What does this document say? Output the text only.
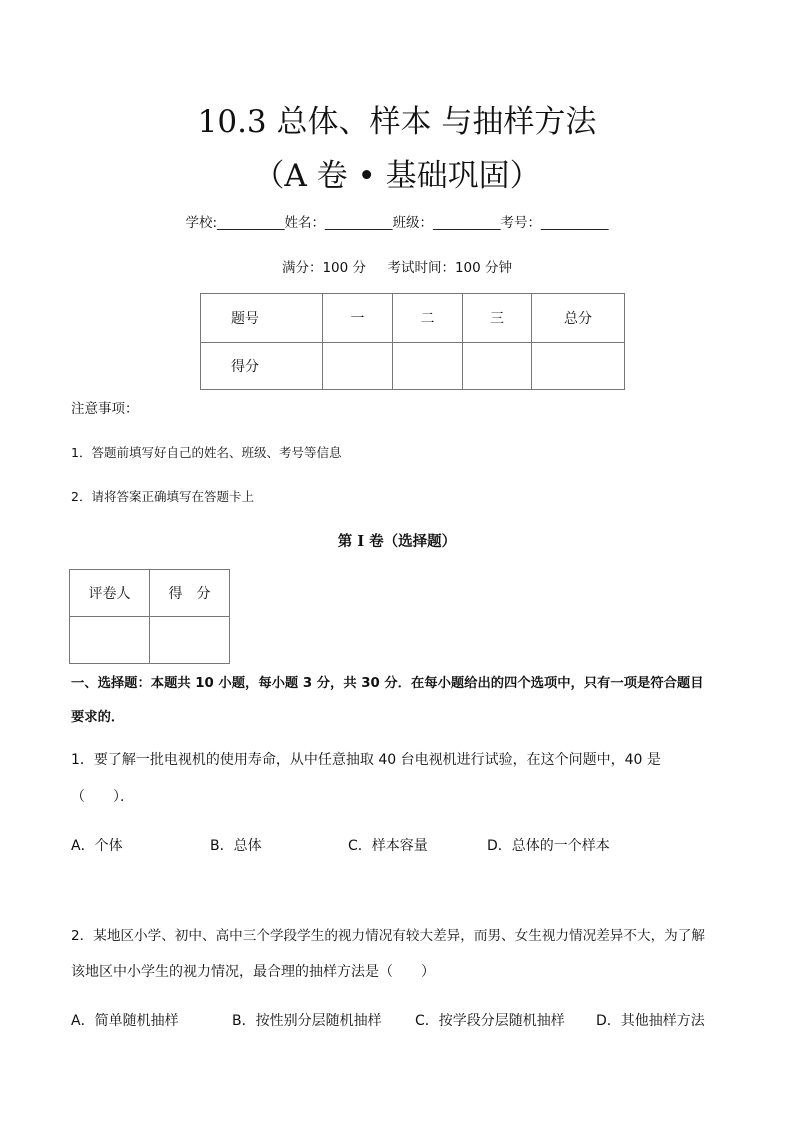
10.3 总体、样本 与抽样方法
（A 卷 • 基础巩固）
学校:__________姓名：__________班级：__________考号：__________
满分：100 分     考试时间：100 分钟
题号	一	二	三	总分
得分				
注意事项：
1．答题前填写好自己的姓名、班级、考号等信息
2．请将答案正确填写在答题卡上
第 I 卷（选择题）
评卷人	得　分

一、选择题：本题共 10 小题，每小题 3 分，共 30 分．在每小题给出的四个选项中，只有一项是符合题目
要求的．
1．要了解一批电视机的使用寿命，从中任意抽取 40 台电视机进行试验，在这个问题中，40 是
（　　）．
A．个体	B．总体	C．样本容量	D．总体的一个样本
2．某地区小学、初中、高中三个学段学生的视力情况有较大差异，而男、女生视力情况差异不大，为了解
该地区中小学生的视力情况，最合理的抽样方法是（　　）
A．简单随机抽样	B．按性别分层随机抽样 C．按学段分层随机抽样 D．其他抽样方法
